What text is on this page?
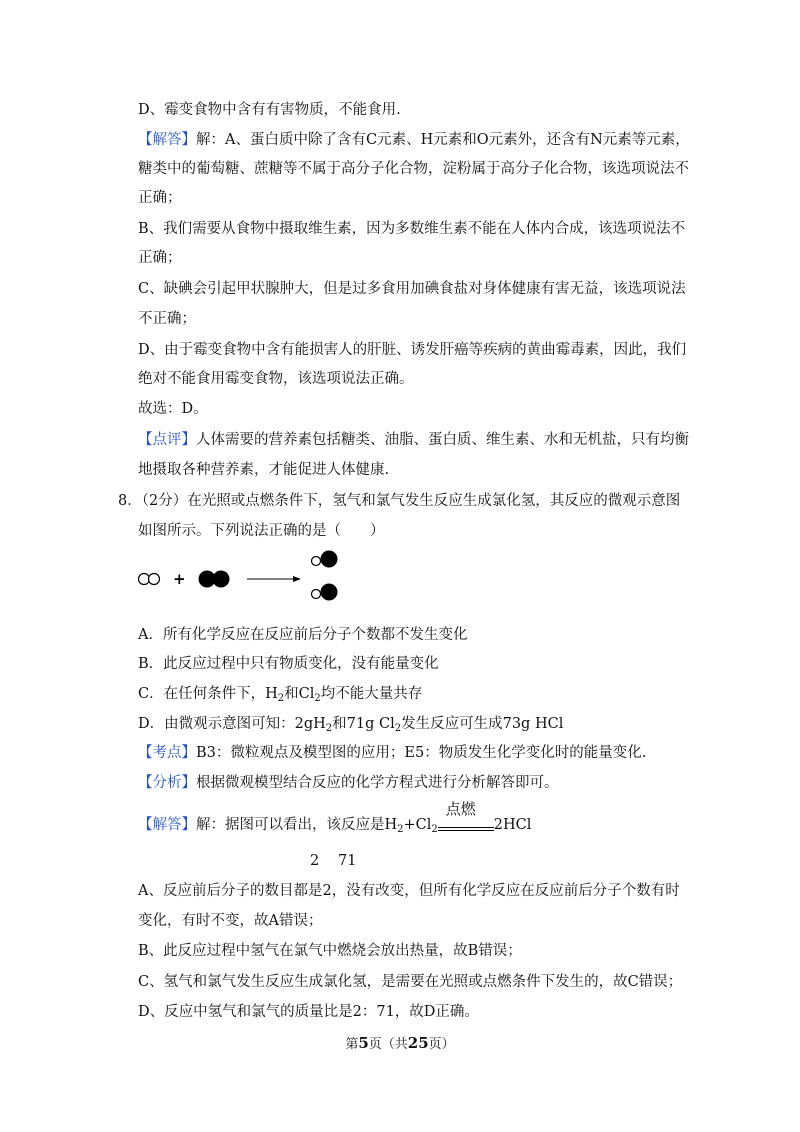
D、霉变食物中含有有害物质，不能食用.
【解答】解：A、蛋白质中除了含有C元素、H元素和O元素外，还含有N元素等元素，
糖类中的葡萄糖、蔗糖等不属于高分子化合物，淀粉属于高分子化合物，该选项说法不
正确；
B、我们需要从食物中摄取维生素，因为多数维生素不能在人体内合成，该选项说法不
正确；
C、缺碘会引起甲状腺肿大，但是过多食用加碘食盐对身体健康有害无益，该选项说法
不正确；
D、由于霉变食物中含有能损害人的肝脏、诱发肝癌等疾病的黄曲霉毒素，因此，我们
绝对不能食用霉变食物，该选项说法正确。
故选：D。
【点评】人体需要的营养素包括糖类、油脂、蛋白质、维生素、水和无机盐，只有均衡
地摄取各种营养素，才能促进人体健康.
8．（2分）在光照或点燃条件下，氢气和氯气发生反应生成氯化氢，其反应的微观示意图
如图所示。下列说法正确的是（　　）
+
A．所有化学反应在反应前后分子个数都不发生变化
B．此反应过程中只有物质变化，没有能量变化
C．在任何条件下，$H_2$和$Cl_2$均不能大量共存
D．由微观示意图可知：$2gH_2$和71g $Cl_2$发生反应可生成73g HCl
【考点】B3：微粒观点及模型图的应用；E5：物质发生化学变化时的能量变化.
【分析】根据微观模型结合反应的化学方程式进行分析解答即可。
【解答】解：据图可以看出，该反应是$H_2+Cl_2$
点燃
2HCl
2 71
A、反应前后分子的数目都是2，没有改变，但所有化学反应在反应前后分子个数有时
变化，有时不变，故A错误；
B、此反应过程中氢气在氯气中燃烧会放出热量，故B错误；
C、氢气和氯气发生反应生成氯化氢，是需要在光照或点燃条件下发生的，故C错误；
D、反应中氢气和氯气的质量比是2：71，故D正确。
第5页（共25页）
